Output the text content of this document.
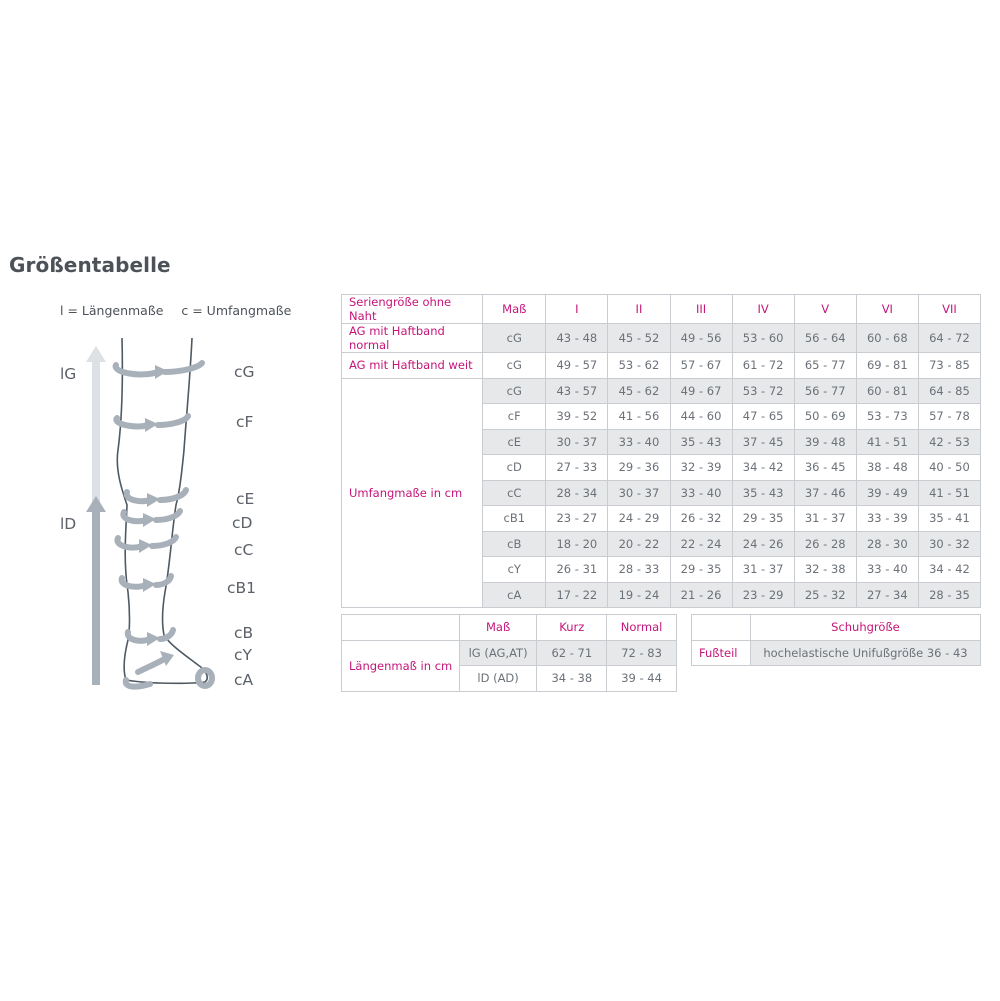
Größentabelle
l = Längenmaße c = Umfangmaße
lG
lD
cG
cF
cE
cD
cC
cB1
cB
cY
cA
Seriengröße ohne Naht	Maß	I	II	III	IV	V	VI	VII
AG mit Haftband normal	cG	43 - 48	45 - 52	49 - 56	53 - 60	56 - 64	60 - 68	64 - 72
AG mit Haftband weit	cG	49 - 57	53 - 62	57 - 67	61 - 72	65 - 77	69 - 81	73 - 85
Umfangmaße in cm	cG	43 - 57	45 - 62	49 - 67	53 - 72	56 - 77	60 - 81	64 - 85
	cF	39 - 52	41 - 56	44 - 60	47 - 65	50 - 69	53 - 73	57 - 78
	cE	30 - 37	33 - 40	35 - 43	37 - 45	39 - 48	41 - 51	42 - 53
	cD	27 - 33	29 - 36	32 - 39	34 - 42	36 - 45	38 - 48	40 - 50
	cC	28 - 34	30 - 37	33 - 40	35 - 43	37 - 46	39 - 49	41 - 51
	cB1	23 - 27	24 - 29	26 - 32	29 - 35	31 - 37	33 - 39	35 - 41
	cB	18 - 20	20 - 22	22 - 24	24 - 26	26 - 28	28 - 30	30 - 32
	cY	26 - 31	28 - 33	29 - 35	31 - 37	32 - 38	33 - 40	34 - 42
	cA	17 - 22	19 - 24	21 - 26	23 - 29	25 - 32	27 - 34	28 - 35
	Maß	Kurz	Normal
Längenmaß in cm	lG (AG,AT)	62 - 71	72 - 83
	lD (AD)	34 - 38	39 - 44
	Schuhgröße
Fußteil	hochelastische Unifußgröße 36 - 43
